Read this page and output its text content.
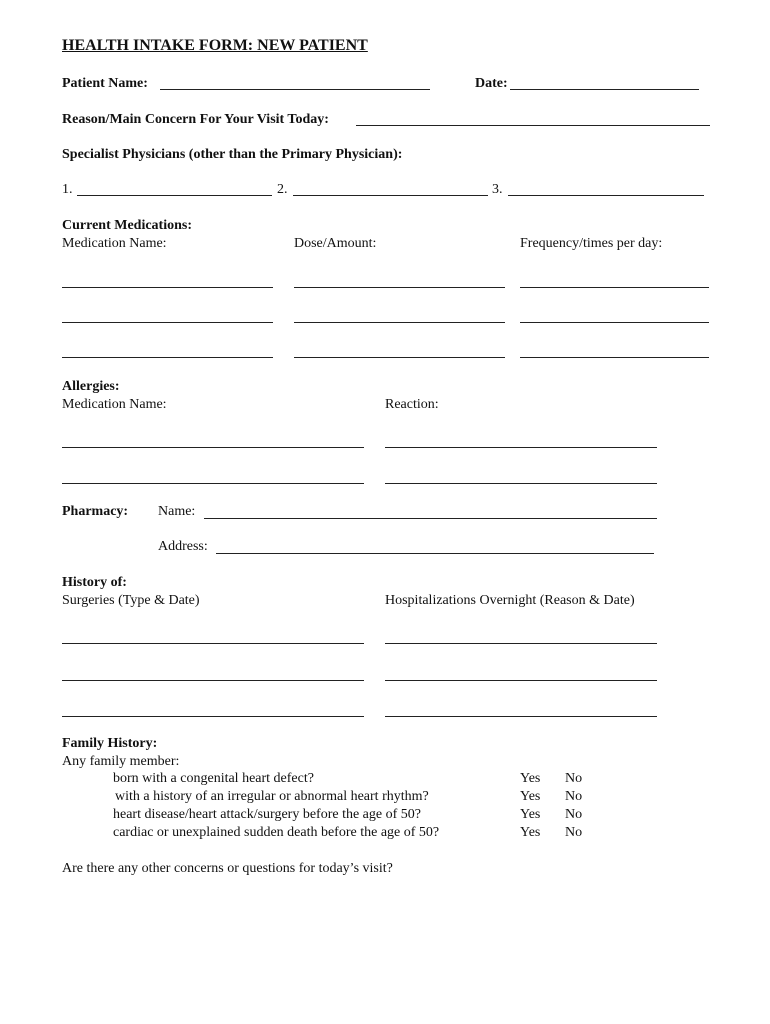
HEALTH INTAKE FORM: NEW PATIENT
Patient Name:	Date:
Reason/Main Concern For Your Visit Today:
Specialist Physicians (other than the Primary Physician):
1.	2.	3.
Current Medications:
Medication Name:	Dose/Amount:	Frequency/times per day:
Allergies:
Medication Name:	Reaction:
Pharmacy: Name:
Address:
History of:
Surgeries (Type & Date)	Hospitalizations Overnight (Reason & Date)
Family History:
Any family member:
born with a congenital heart defect?	Yes No
with a history of an irregular or abnormal heart rhythm?	Yes No
heart disease/heart attack/surgery before the age of 50?	Yes No
cardiac or unexplained sudden death before the age of 50?	Yes No
Are there any other concerns or questions for today’s visit?
